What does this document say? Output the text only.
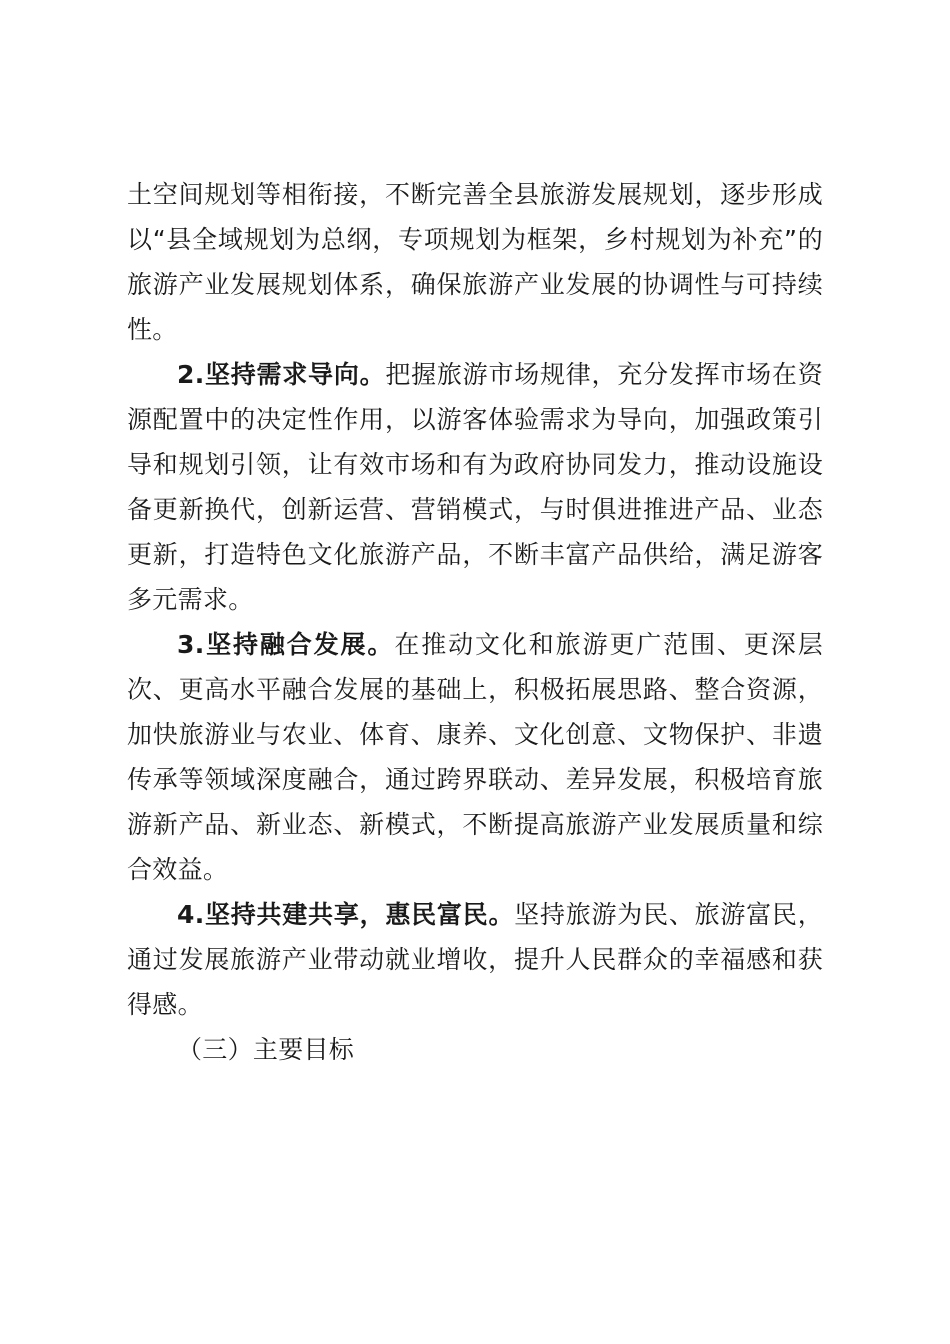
土空间规划等相衔接，不断完善全县旅游发展规划，逐步形成
以“县全域规划为总纲，专项规划为框架，乡村规划为补充”的
旅游产业发展规划体系，确保旅游产业发展的协调性与可持续
性。
2.坚持需求导向。把握旅游市场规律，充分发挥市场在资
源配置中的决定性作用，以游客体验需求为导向，加强政策引
导和规划引领，让有效市场和有为政府协同发力，推动设施设
备更新换代，创新运营、营销模式，与时俱进推进产品、业态
更新，打造特色文化旅游产品，不断丰富产品供给，满足游客
多元需求。
3.坚持融合发展。在推动文化和旅游更广范围、更深层
次、更高水平融合发展的基础上，积极拓展思路、整合资源，
加快旅游业与农业、体育、康养、文化创意、文物保护、非遗
传承等领域深度融合，通过跨界联动、差异发展，积极培育旅
游新产品、新业态、新模式，不断提高旅游产业发展质量和综
合效益。
4.坚持共建共享，惠民富民。坚持旅游为民、旅游富民，
通过发展旅游产业带动就业增收，提升人民群众的幸福感和获
得感。
（三）主要目标
